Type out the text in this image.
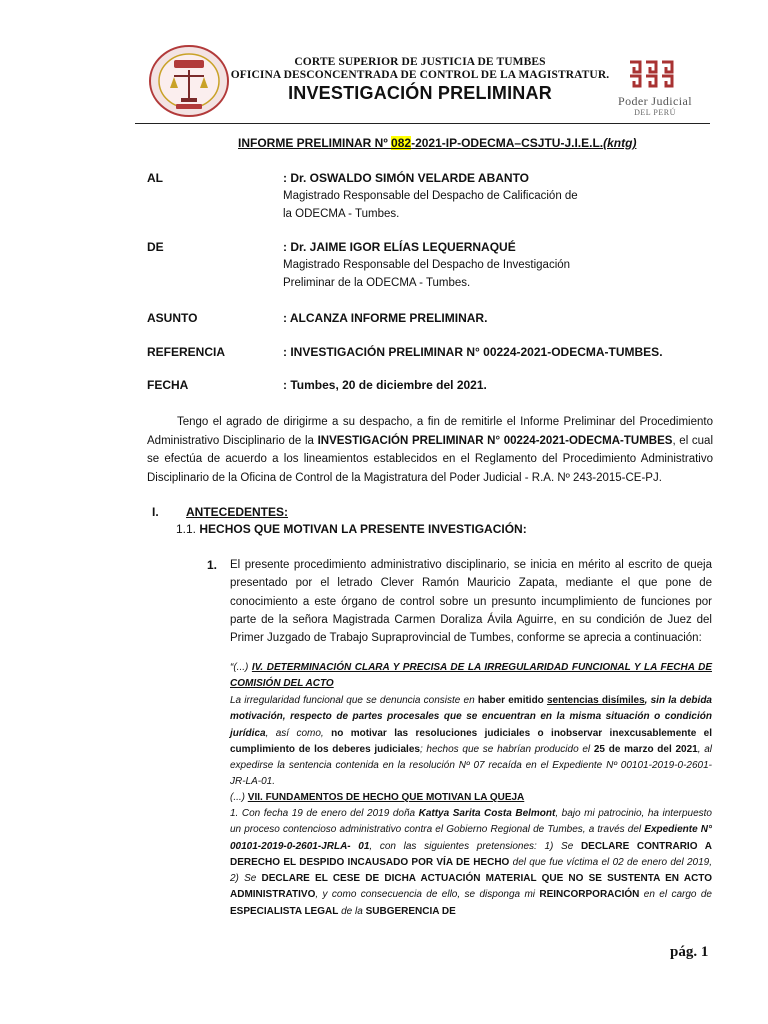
CORTE SUPERIOR DE JUSTICIA DE TUMBES
OFICINA DESCONCENTRADA DE CONTROL DE LA MAGISTRATUR.
INVESTIGACIÓN PRELIMINAR	Poder Judicial
DEL PERÚ
INFORME PRELIMINAR Nº 082-2021-IP-ODECMA–CSJTU-J.I.E.L.(kntg)
AL	: Dr. OSWALDO SIMÓN VELARDE ABANTO
Magistrado Responsable del Despacho de Calificación de
la ODECMA - Tumbes.
DE	: Dr. JAIME IGOR ELÍAS LEQUERNAQUÉ
Magistrado Responsable del Despacho de Investigación
Preliminar de la ODECMA - Tumbes.
ASUNTO	: ALCANZA INFORME PRELIMINAR.
REFERENCIA	: INVESTIGACIÓN PRELIMINAR N° 00224-2021-ODECMA-TUMBES.
FECHA	: Tumbes, 20 de diciembre del 2021.
Tengo el agrado de dirigirme a su despacho, a fin de remitirle el Informe Preliminar del Procedimiento Administrativo Disciplinario de la INVESTIGACIÓN PRELIMINAR N° 00224-2021-ODECMA-TUMBES, el cual se efectúa de acuerdo a los lineamientos establecidos en el Reglamento del Procedimiento Administrativo Disciplinario de la Oficina de Control de la Magistratura del Poder Judicial - R.A. Nº 243-2015-CE-PJ.
I. ANTECEDENTES:
1.1. HECHOS QUE MOTIVAN LA PRESENTE INVESTIGACIÓN:
1. El presente procedimiento administrativo disciplinario, se inicia en mérito al escrito de queja presentado por el letrado Clever Ramón Mauricio Zapata, mediante el que pone de conocimiento a este órgano de control sobre un presunto incumplimiento de funciones por parte de la señora Magistrada Carmen Doraliza Ávila Aguirre, en su condición de Juez del Primer Juzgado de Trabajo Supraprovincial de Tumbes, conforme se aprecia a continuación:
“(...) IV. DETERMINACIÓN CLARA Y PRECISA DE LA IRREGULARIDAD FUNCIONAL Y LA FECHA DE COMISIÓN DEL ACTO
La irregularidad funcional que se denuncia consiste en haber emitido sentencias disímiles, sin la debida motivación, respecto de partes procesales que se encuentran en la misma situación o condición jurídica, así como, no motivar las resoluciones judiciales o inobservar inexcusablemente el cumplimiento de los deberes judiciales; hechos que se habrían producido el 25 de marzo del 2021, al expedirse la sentencia contenida en la resolución Nº 07 recaída en el Expediente Nº 00101-2019-0-2601-JR-LA-01.
(...) VII. FUNDAMENTOS DE HECHO QUE MOTIVAN LA QUEJA
1. Con fecha 19 de enero del 2019 doña Kattya Sarita Costa Belmont, bajo mi patrocinio, ha interpuesto un proceso contencioso administrativo contra el Gobierno Regional de Tumbes, a través del Expediente N° 00101-2019-0-2601-JRLA- 01, con las siguientes pretensiones: 1) Se DECLARE CONTRARIO A DERECHO EL DESPIDO INCAUSADO POR VÍA DE HECHO del que fue víctima el 02 de enero del 2019, 2) Se DECLARE EL CESE DE DICHA ACTUACIÓN MATERIAL QUE NO SE SUSTENTA EN ACTO ADMINISTRATIVO, y como consecuencia de ello, se disponga mi REINCORPORACIÓN en el cargo de ESPECIALISTA LEGAL de la SUBGERENCIA DE
pág. 1
